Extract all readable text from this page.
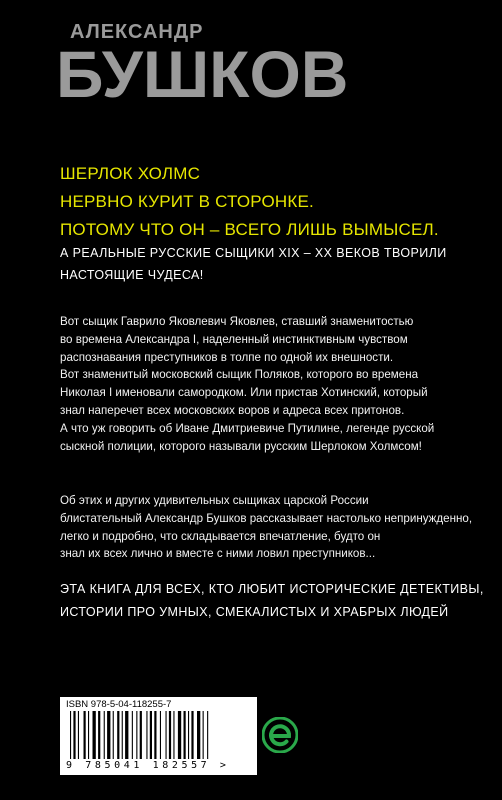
АЛЕКСАНДР
БУШКОВ
ШЕРЛОК ХОЛМС
НЕРВНО КУРИТ В СТОРОНКЕ.
ПОТОМУ ЧТО ОН – ВСЕГО ЛИШЬ ВЫМЫСЕЛ.
А РЕАЛЬНЫЕ РУССКИЕ СЫЩИКИ XIX – XX ВЕКОВ ТВОРИЛИ
НАСТОЯЩИЕ ЧУДЕСА!
Вот сыщик Гаврило Яковлевич Яковлев, ставший знаменитостью
во времена Александра I, наделенный инстинктивным чувством
распознавания преступников в толпе по одной их внешности.
Вот знаменитый московский сыщик Поляков, которого во времена
Николая I именовали самородком. Или пристав Хотинский, который
знал наперечет всех московских воров и адреса всех притонов.
А что уж говорить об Иване Дмитриевиче Путилине, легенде русской
сыскной полиции, которого называли русским Шерлоком Холмсом!
Об этих и других удивительных сыщиках царской России
блистательный Александр Бушков рассказывает настолько непринужденно,
легко и подробно, что складывается впечатление, будто он
знал их всех лично и вместе с ними ловил преступников...
ЭТА КНИГА ДЛЯ ВСЕХ, КТО ЛЮБИТ ИСТОРИЧЕСКИЕ ДЕТЕКТИВЫ,
ИСТОРИИ ПРО УМНЫХ, СМЕКАЛИСТЫХ И ХРАБРЫХ ЛЮДЕЙ
ISBN 978-5-04-118255-7
9 785041 182557 >
